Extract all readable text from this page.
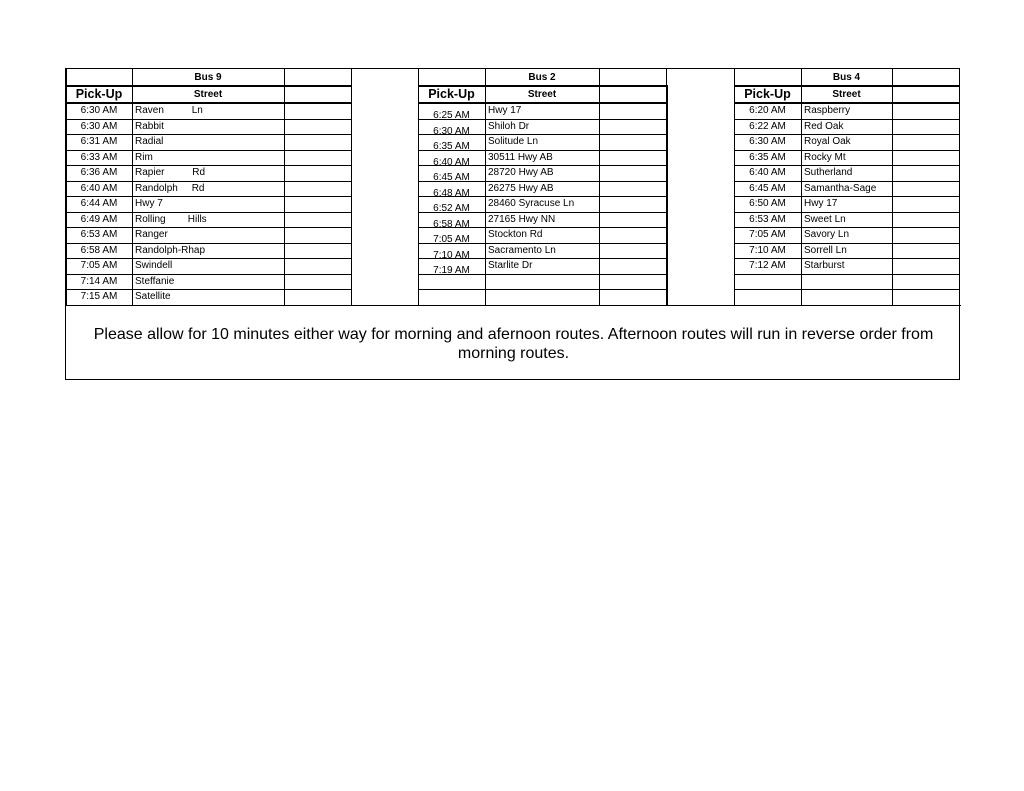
Bus 9
Pick-Up	Street
6:30 AM	Raven          Ln
6:30 AM	Rabbit
6:31 AM	Radial
6:33 AM	Rim
6:36 AM	Rapier          Rd
6:40 AM	Randolph     Rd
6:44 AM	Hwy 7
6:49 AM	Rolling        Hills
6:53 AM	Ranger
6:58 AM	Randolph-Rhap
7:05 AM	Swindell
7:14 AM	Steffanie
7:15 AM	Satellite
Bus 2
Pick-Up	Street
6:25 AM	Hwy 17
6:30 AM	Shiloh Dr
6:35 AM	Solitude Ln
6:40 AM	30511 Hwy AB
6:45 AM	28720 Hwy AB
6:48 AM	26275 Hwy AB
6:52 AM	28460 Syracuse Ln
6:58 AM	27165 Hwy NN
7:05 AM	Stockton Rd
7:10 AM	Sacramento Ln
7:19 AM	Starlite Dr
Bus 4
Pick-Up	Street
6:20 AM	Raspberry
6:22 AM	Red Oak
6:30 AM	Royal Oak
6:35 AM	Rocky Mt
6:40 AM	Sutherland
6:45 AM	Samantha-Sage
6:50 AM	Hwy 17
6:53 AM	Sweet Ln
7:05 AM	Savory Ln
7:10 AM	Sorrell Ln
7:12 AM	Starburst
Please allow for 10 minutes either way for morning and afernoon routes. Afternoon routes will run in reverse order from morning routes.
